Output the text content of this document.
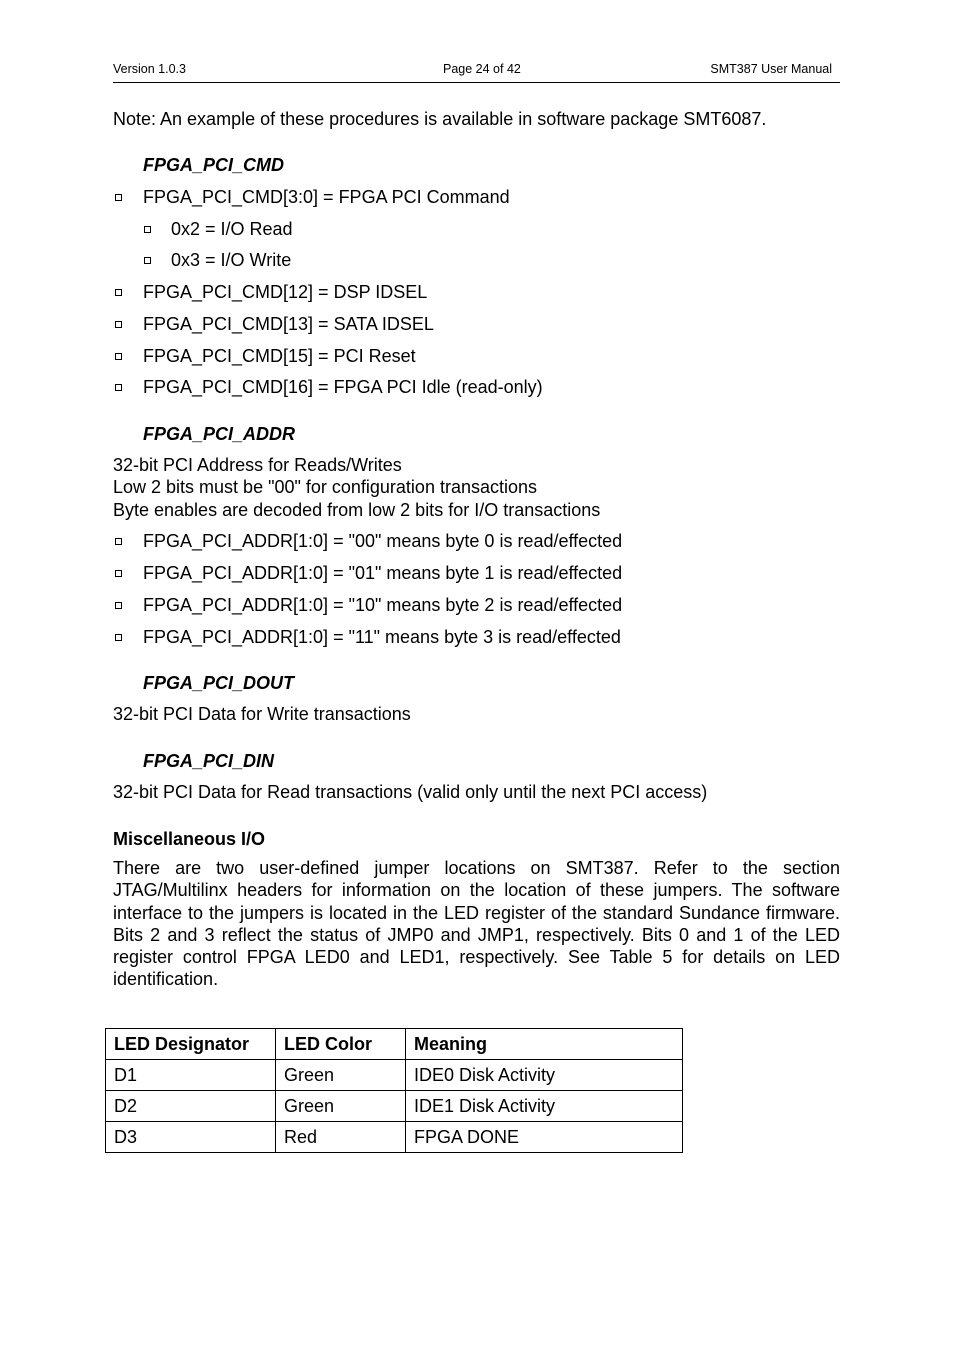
Version 1.0.3	Page 24 of 42	SMT387 User Manual
Note: An example of these procedures is available in software package SMT6087.
FPGA_PCI_CMD
FPGA_PCI_CMD[3:0] = FPGA PCI Command
0x2 = I/O Read
0x3 = I/O Write
FPGA_PCI_CMD[12] = DSP IDSEL
FPGA_PCI_CMD[13] = SATA IDSEL
FPGA_PCI_CMD[15] = PCI Reset
FPGA_PCI_CMD[16] = FPGA PCI Idle (read-only)
FPGA_PCI_ADDR
32-bit PCI Address for Reads/Writes
Low 2 bits must be "00" for configuration transactions
Byte enables are decoded from low 2 bits for I/O transactions
FPGA_PCI_ADDR[1:0] = "00" means byte 0 is read/effected
FPGA_PCI_ADDR[1:0] = "01" means byte 1 is read/effected
FPGA_PCI_ADDR[1:0] = "10" means byte 2 is read/effected
FPGA_PCI_ADDR[1:0] = "11" means byte 3 is read/effected
FPGA_PCI_DOUT
32-bit PCI Data for Write transactions
FPGA_PCI_DIN
32-bit PCI Data for Read transactions (valid only until the next PCI access)
Miscellaneous I/O
There are two user-defined jumper locations on SMT387. Refer to the section JTAG/Multilinx headers for information on the location of these jumpers. The software interface to the jumpers is located in the LED register of the standard Sundance firmware. Bits 2 and 3 reflect the status of JMP0 and JMP1, respectively. Bits 0 and 1 of the LED register control FPGA LED0 and LED1, respectively. See Table 5 for details on LED identification.
LED Designator	LED Color	Meaning
D1	Green	IDE0 Disk Activity
D2	Green	IDE1 Disk Activity
D3	Red	FPGA DONE
